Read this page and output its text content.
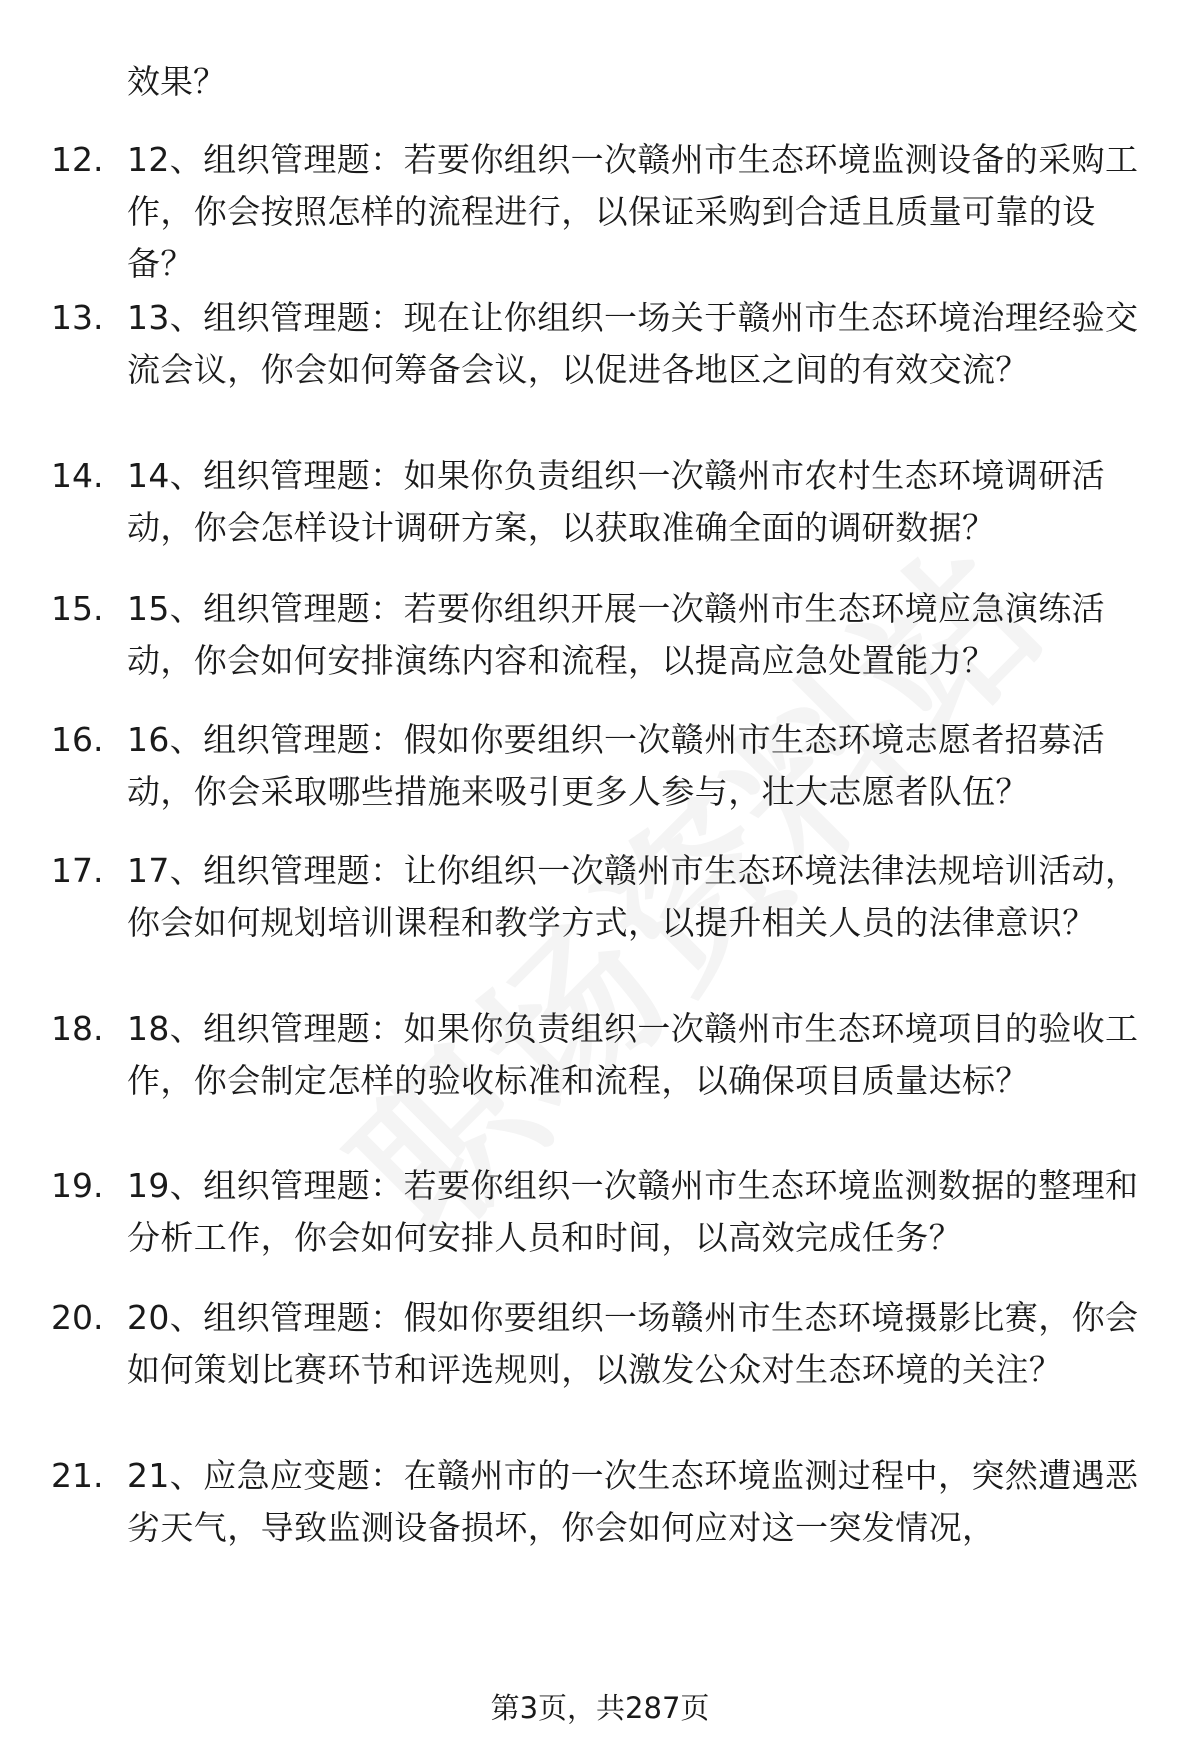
效果？
12. 12、组织管理题：若要你组织一次赣州市生态环境监测设备的采购工作，你会按照怎样的流程进行，以保证采购到合适且质量可靠的设备？
13. 13、组织管理题：现在让你组织一场关于赣州市生态环境治理经验交流会议，你会如何筹备会议，以促进各地区之间的有效交流？
14. 14、组织管理题：如果你负责组织一次赣州市农村生态环境调研活动，你会怎样设计调研方案，以获取准确全面的调研数据？
15. 15、组织管理题：若要你组织开展一次赣州市生态环境应急演练活动，你会如何安排演练内容和流程，以提高应急处置能力？
16. 16、组织管理题：假如你要组织一次赣州市生态环境志愿者招募活动，你会采取哪些措施来吸引更多人参与，壮大志愿者队伍？
17. 17、组织管理题：让你组织一次赣州市生态环境法律法规培训活动，你会如何规划培训课程和教学方式，以提升相关人员的法律意识？
18. 18、组织管理题：如果你负责组织一次赣州市生态环境项目的验收工作，你会制定怎样的验收标准和流程，以确保项目质量达标？
19. 19、组织管理题：若要你组织一次赣州市生态环境监测数据的整理和分析工作，你会如何安排人员和时间，以高效完成任务？
20. 20、组织管理题：假如你要组织一场赣州市生态环境摄影比赛，你会如何策划比赛环节和评选规则，以激发公众对生态环境的关注？
21. 21、应急应变题：在赣州市的一次生态环境监测过程中，突然遭遇恶劣天气，导致监测设备损坏，你会如何应对这一突发情况，
第3页，共287页
